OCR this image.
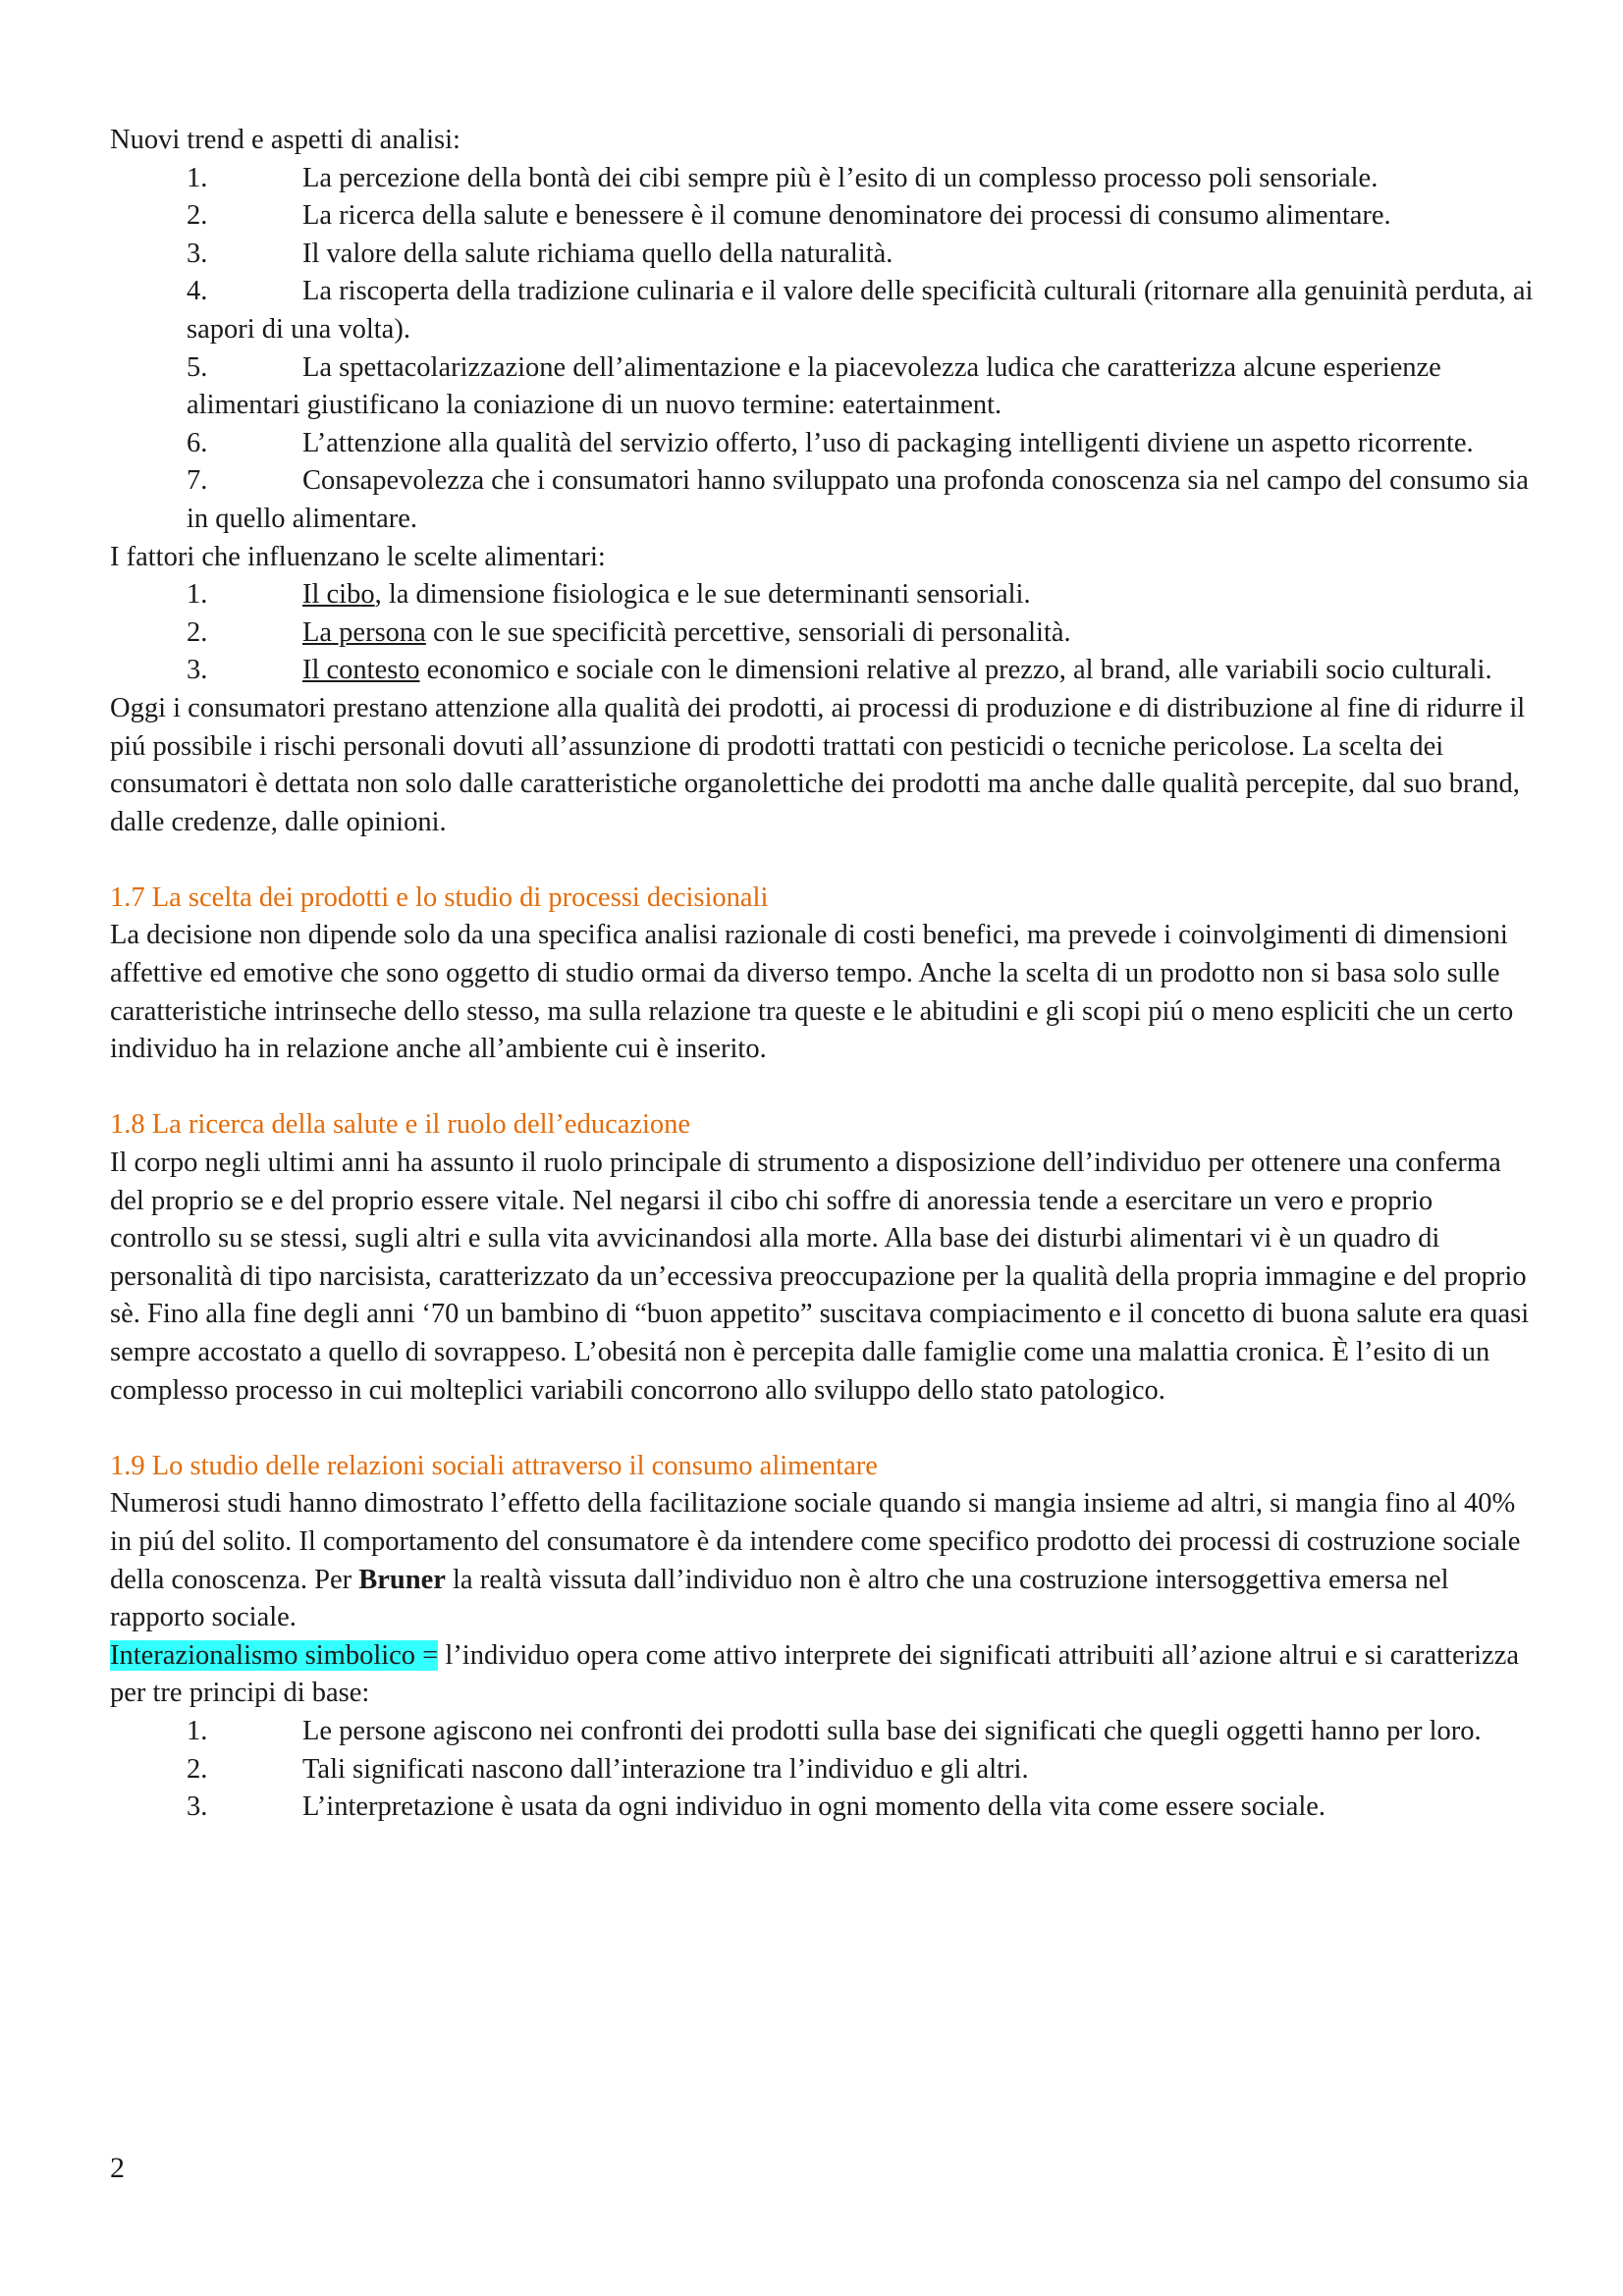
Nuovi trend e aspetti di analisi:

1.	La percezione della bontà dei cibi sempre più è l’esito di un complesso processo poli sensoriale.
2.	La ricerca della salute e benessere è il comune denominatore dei processi di consumo alimentare.
3.	Il valore della salute richiama quello della naturalità.
4.	La riscoperta della tradizione culinaria e il valore delle specificità culturali (ritornare alla genuinità perduta, ai sapori di una volta).
5.	La spettacolarizzazione dell’alimentazione e la piacevolezza ludica che caratterizza alcune esperienze alimentari giustificano la coniazione di un nuovo termine: eatertainment.
6.	L’attenzione alla qualità del servizio offerto, l’uso di packaging intelligenti diviene un aspetto ricorrente.
7.	Consapevolezza che i consumatori hanno sviluppato una profonda conoscenza sia nel campo del consumo sia in quello alimentare.

I fattori che influenzano le scelte alimentari:

1.	Il cibo, la dimensione fisiologica e le sue determinanti sensoriali.
2.	La persona con le sue specificità percettive, sensoriali di personalità.
3.	Il contesto economico e sociale con le dimensioni relative al prezzo, al brand, alle variabili socio culturali.

Oggi i consumatori prestano attenzione alla qualità dei prodotti, ai processi di produzione e di distribuzione al fine di ridurre il piú possibile i rischi personali dovuti all’assunzione di prodotti trattati con pesticidi o tecniche pericolose. La scelta dei consumatori è dettata non solo dalle caratteristiche organolettiche dei prodotti ma anche dalle qualità percepite, dal suo brand, dalle credenze, dalle opinioni.

1.7 La scelta dei prodotti e lo studio di processi decisionali

La decisione non dipende solo da una specifica analisi razionale di costi benefici, ma prevede i coinvolgimenti di dimensioni affettive ed emotive che sono oggetto di studio ormai da diverso tempo. Anche la scelta di un prodotto non si basa solo sulle caratteristiche intrinseche dello stesso, ma sulla relazione tra queste e le abitudini e gli scopi piú o meno espliciti che un certo individuo ha in relazione anche all’ambiente cui è inserito.

1.8 La ricerca della salute e il ruolo dell’educazione

Il corpo negli ultimi anni ha assunto il ruolo principale di strumento a disposizione dell’individuo per ottenere una conferma del proprio se e del proprio essere vitale. Nel negarsi il cibo chi soffre di anoressia tende a esercitare un vero e proprio controllo su se stessi, sugli altri e sulla vita avvicinandosi alla morte. Alla base dei disturbi alimentari vi è un quadro di personalità di tipo narcisista, caratterizzato da un’eccessiva preoccupazione per la qualità della propria immagine e del proprio sè. Fino alla fine degli anni ‘70 un bambino di “buon appetito” suscitava compiacimento e il concetto di buona salute era quasi sempre accostato a quello di sovrappeso. L’obesitá non è percepita dalle famiglie come una malattia cronica. È l’esito di un complesso processo in cui molteplici variabili concorrono allo sviluppo dello stato patologico.

1.9 Lo studio delle relazioni sociali attraverso il consumo alimentare

Numerosi studi hanno dimostrato l’effetto della facilitazione sociale quando si mangia insieme ad altri, si mangia fino al 40% in piú del solito. Il comportamento del consumatore è da intendere come specifico prodotto dei processi di costruzione sociale della conoscenza. Per Bruner la realtà vissuta dall’individuo non è altro che una costruzione intersoggettiva emersa nel rapporto sociale.

Interazionalismo simbolico = l’individuo opera come attivo interprete dei significati attribuiti all’azione altrui e si caratterizza per tre principi di base:

1.	Le persone agiscono nei confronti dei prodotti sulla base dei significati che quegli oggetti hanno per loro.
2.	Tali significati nascono dall’interazione tra l’individuo e gli altri.
3.	L’interpretazione è usata da ogni individuo in ogni momento della vita come essere sociale.
2
